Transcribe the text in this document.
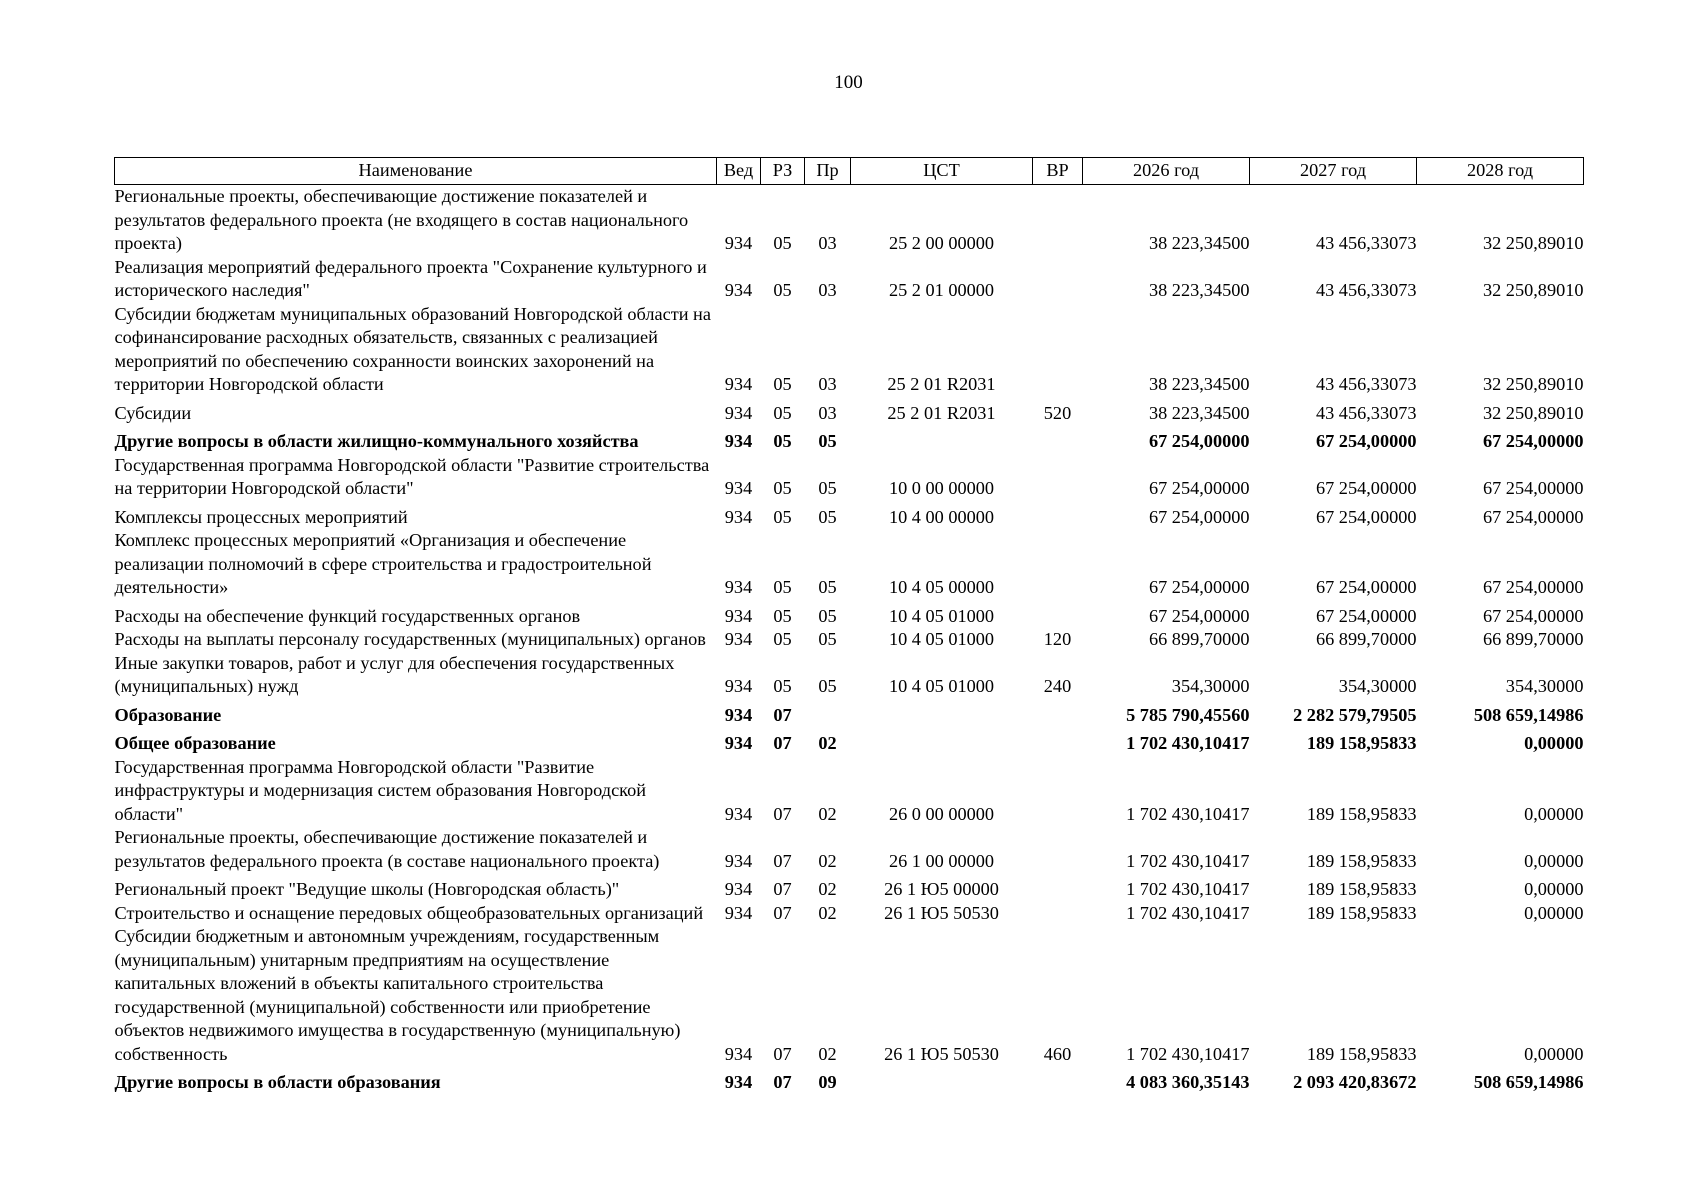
100
Наименование	Вед	РЗ	Пр	ЦСТ	ВР	2026 год	2027 год	2028 год
Региональные проекты, обеспечивающие достижение показателей и результатов федерального проекта (не входящего в состав национального проекта)	934	05	03	25 2 00 00000		38 223,34500	43 456,33073	32 250,89010
Реализация мероприятий федерального проекта "Сохранение культурного и исторического наследия"	934	05	03	25 2 01 00000		38 223,34500	43 456,33073	32 250,89010
Субсидии бюджетам муниципальных образований Новгородской области на софинансирование расходных обязательств, связанных с реализацией мероприятий по обеспечению сохранности воинских захоронений на территории Новгородской области	934	05	03	25 2 01 R2031		38 223,34500	43 456,33073	32 250,89010
Субсидии	934	05	03	25 2 01 R2031	520	38 223,34500	43 456,33073	32 250,89010
Другие вопросы в области жилищно-коммунального хозяйства	934	05	05			67 254,00000	67 254,00000	67 254,00000
Государственная программа Новгородской области "Развитие строительства на территории Новгородской области"	934	05	05	10 0 00 00000		67 254,00000	67 254,00000	67 254,00000
Комплексы процессных мероприятий	934	05	05	10 4 00 00000		67 254,00000	67 254,00000	67 254,00000
Комплекс процессных мероприятий «Организация и обеспечение реализации полномочий в сфере строительства и градостроительной деятельности»	934	05	05	10 4 05 00000		67 254,00000	67 254,00000	67 254,00000
Расходы на обеспечение функций государственных органов	934	05	05	10 4 05 01000		67 254,00000	67 254,00000	67 254,00000
Расходы на выплаты персоналу государственных (муниципальных) органов	934	05	05	10 4 05 01000	120	66 899,70000	66 899,70000	66 899,70000
Иные закупки товаров, работ и услуг для обеспечения государственных (муниципальных) нужд	934	05	05	10 4 05 01000	240	354,30000	354,30000	354,30000
Образование	934	07				5 785 790,45560	2 282 579,79505	508 659,14986
Общее образование	934	07	02			1 702 430,10417	189 158,95833	0,00000
Государственная программа Новгородской области "Развитие инфраструктуры и модернизация систем образования Новгородской области"	934	07	02	26 0 00 00000		1 702 430,10417	189 158,95833	0,00000
Региональные проекты, обеспечивающие достижение показателей и результатов федерального проекта (в составе национального проекта)	934	07	02	26 1 00 00000		1 702 430,10417	189 158,95833	0,00000
Региональный проект "Ведущие школы (Новгородская область)"	934	07	02	26 1 Ю5 00000		1 702 430,10417	189 158,95833	0,00000
Строительство и оснащение передовых общеобразовательных организаций	934	07	02	26 1 Ю5 50530		1 702 430,10417	189 158,95833	0,00000
Субсидии бюджетным и автономным учреждениям, государственным (муниципальным) унитарным предприятиям на осуществление капитальных вложений в объекты капитального строительства государственной (муниципальной) собственности или приобретение объектов недвижимого имущества в государственную (муниципальную) собственность	934	07	02	26 1 Ю5 50530	460	1 702 430,10417	189 158,95833	0,00000
Другие вопросы в области образования	934	07	09			4 083 360,35143	2 093 420,83672	508 659,14986
